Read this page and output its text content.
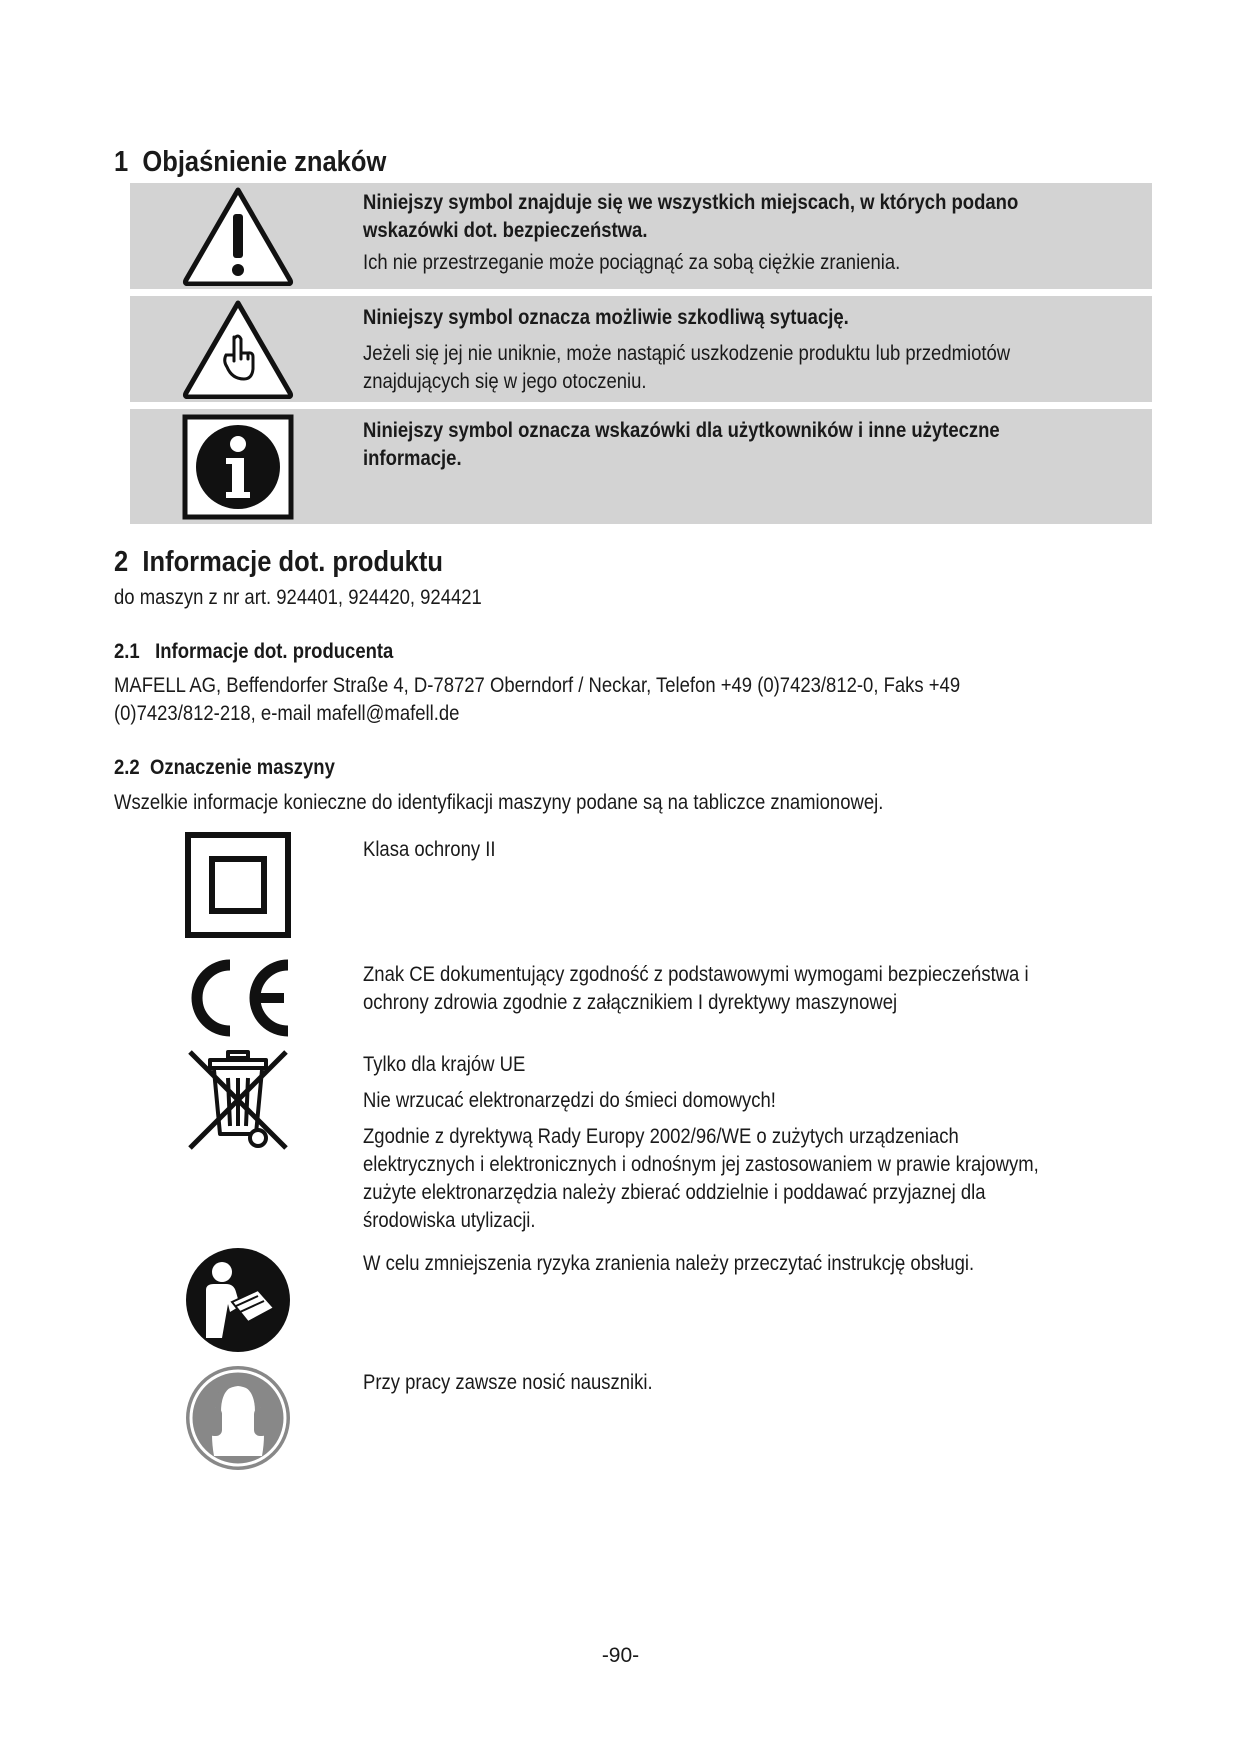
1 Objaśnienie znaków
Niniejszy symbol znajduje się we wszystkich miejscach, w których podano
wskazówki dot. bezpieczeństwa.
Ich nie przestrzeganie może pociągnąć za sobą ciężkie zranienia.
Niniejszy symbol oznacza możliwie szkodliwą sytuację.
Jeżeli się jej nie uniknie, może nastąpić uszkodzenie produktu lub przedmiotów
znajdujących się w jego otoczeniu.
Niniejszy symbol oznacza wskazówki dla użytkowników i inne użyteczne
informacje.
2 Informacje dot. produktu
do maszyn z nr art. 924401, 924420, 924421
2.1 Informacje dot. producenta
MAFELL AG, Beffendorfer Straße 4, D-78727 Oberndorf / Neckar, Telefon +49 (0)7423/812-0, Faks +49
(0)7423/812-218, e-mail mafell@mafell.de
2.2 Oznaczenie maszyny
Wszelkie informacje konieczne do identyfikacji maszyny podane są na tabliczce znamionowej.
Klasa ochrony II
Znak CE dokumentujący zgodność z podstawowymi wymogami bezpieczeństwa i
ochrony zdrowia zgodnie z załącznikiem I dyrektywy maszynowej
Tylko dla krajów UE
Nie wrzucać elektronarzędzi do śmieci domowych!
Zgodnie z dyrektywą Rady Europy 2002/96/WE o zużytych urządzeniach
elektrycznych i elektronicznych i odnośnym jej zastosowaniem w prawie krajowym,
zużyte elektronarzędzia należy zbierać oddzielnie i poddawać przyjaznej dla
środowiska utylizacji.
W celu zmniejszenia ryzyka zranienia należy przeczytać instrukcję obsługi.
Przy pracy zawsze nosić nauszniki.
-90-
